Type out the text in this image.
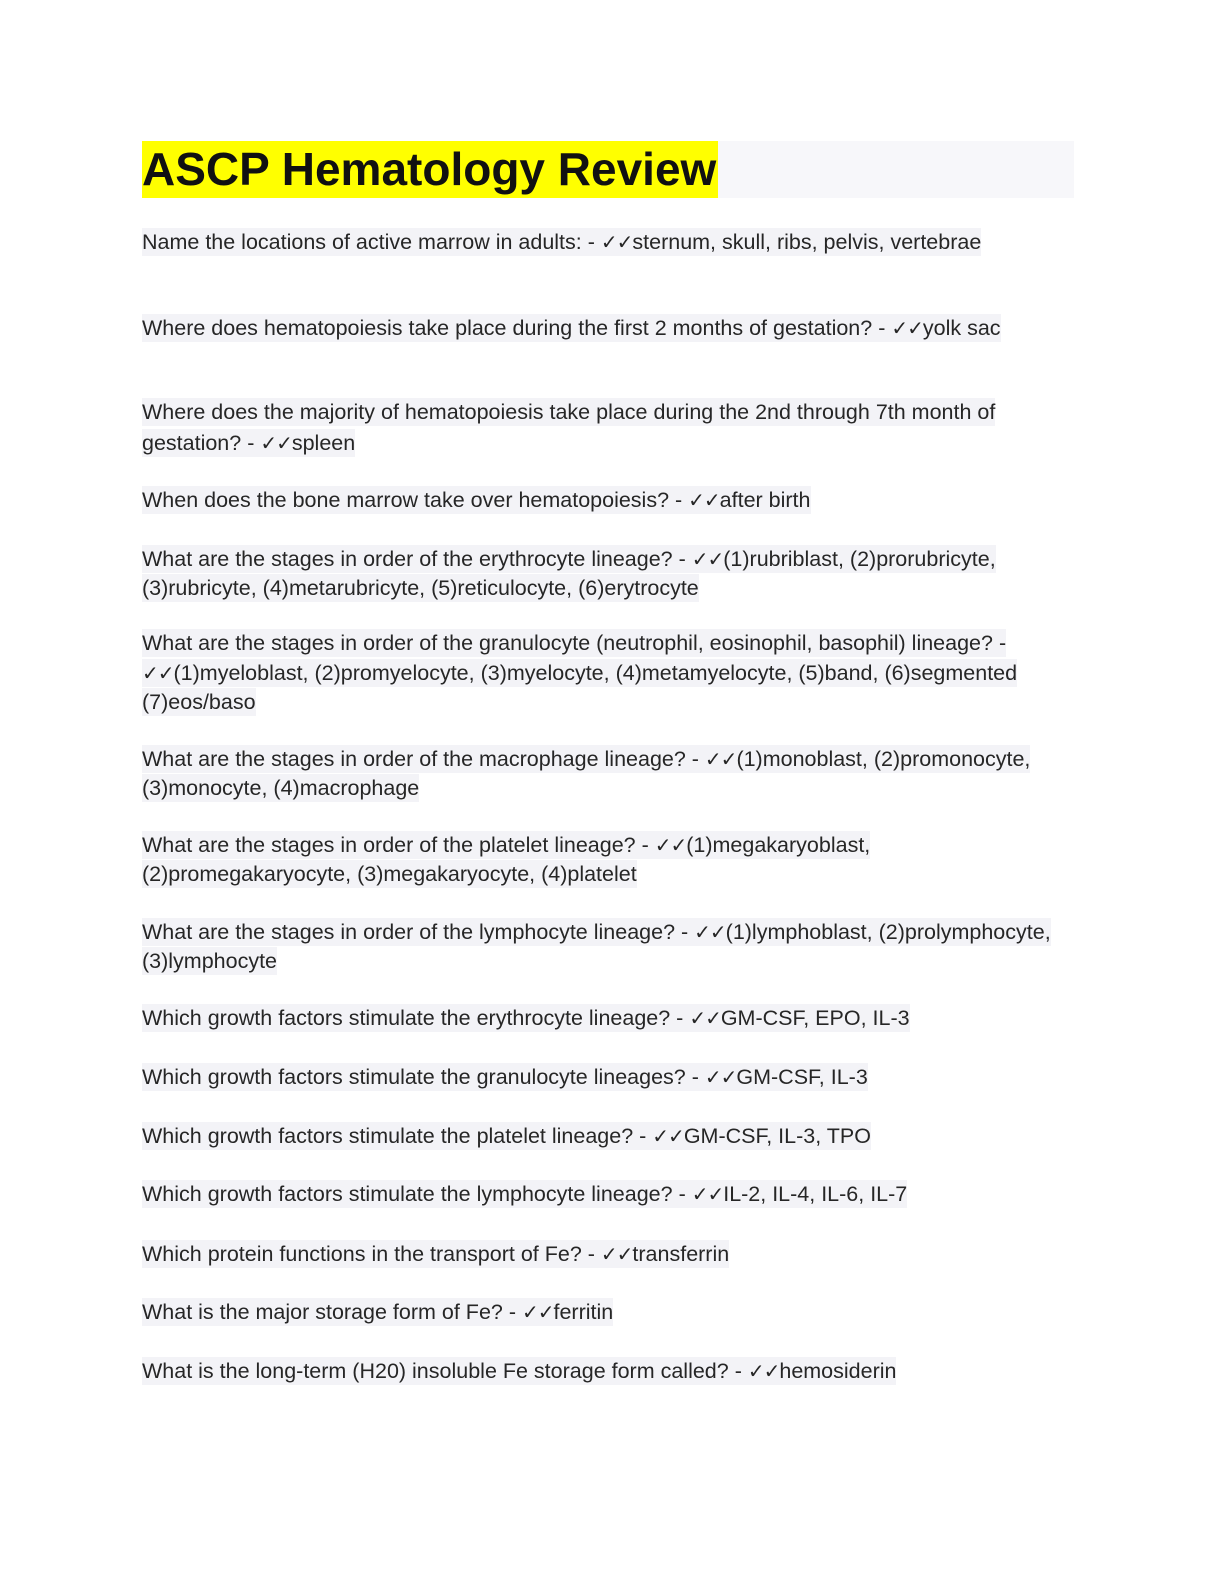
ASCP Hematology Review

Name the locations of active marrow in adults: - ✓✓sternum, skull, ribs, pelvis, vertebrae

Where does hematopoiesis take place during the first 2 months of gestation? - ✓✓yolk sac

Where does the majority of hematopoiesis take place during the 2nd through 7th month of gestation? - ✓✓spleen

When does the bone marrow take over hematopoiesis? - ✓✓after birth

What are the stages in order of the erythrocyte lineage? - ✓✓(1)rubriblast, (2)prorubricyte, (3)rubricyte, (4)metarubricyte, (5)reticulocyte, (6)erytrocyte

What are the stages in order of the granulocyte (neutrophil, eosinophil, basophil) lineage? - ✓✓(1)myeloblast, (2)promyelocyte, (3)myelocyte, (4)metamyelocyte, (5)band, (6)segmented (7)eos/baso

What are the stages in order of the macrophage lineage? - ✓✓(1)monoblast, (2)promonocyte, (3)monocyte, (4)macrophage

What are the stages in order of the platelet lineage? - ✓✓(1)megakaryoblast, (2)promegakaryocyte, (3)megakaryocyte, (4)platelet

What are the stages in order of the lymphocyte lineage? - ✓✓(1)lymphoblast, (2)prolymphocyte, (3)lymphocyte

Which growth factors stimulate the erythrocyte lineage? - ✓✓GM-CSF, EPO, IL-3

Which growth factors stimulate the granulocyte lineages? - ✓✓GM-CSF, IL-3

Which growth factors stimulate the platelet lineage? - ✓✓GM-CSF, IL-3, TPO

Which growth factors stimulate the lymphocyte lineage? - ✓✓IL-2, IL-4, IL-6, IL-7

Which protein functions in the transport of Fe? - ✓✓transferrin

What is the major storage form of Fe? - ✓✓ferritin

What is the long-term (H20) insoluble Fe storage form called? - ✓✓hemosiderin
